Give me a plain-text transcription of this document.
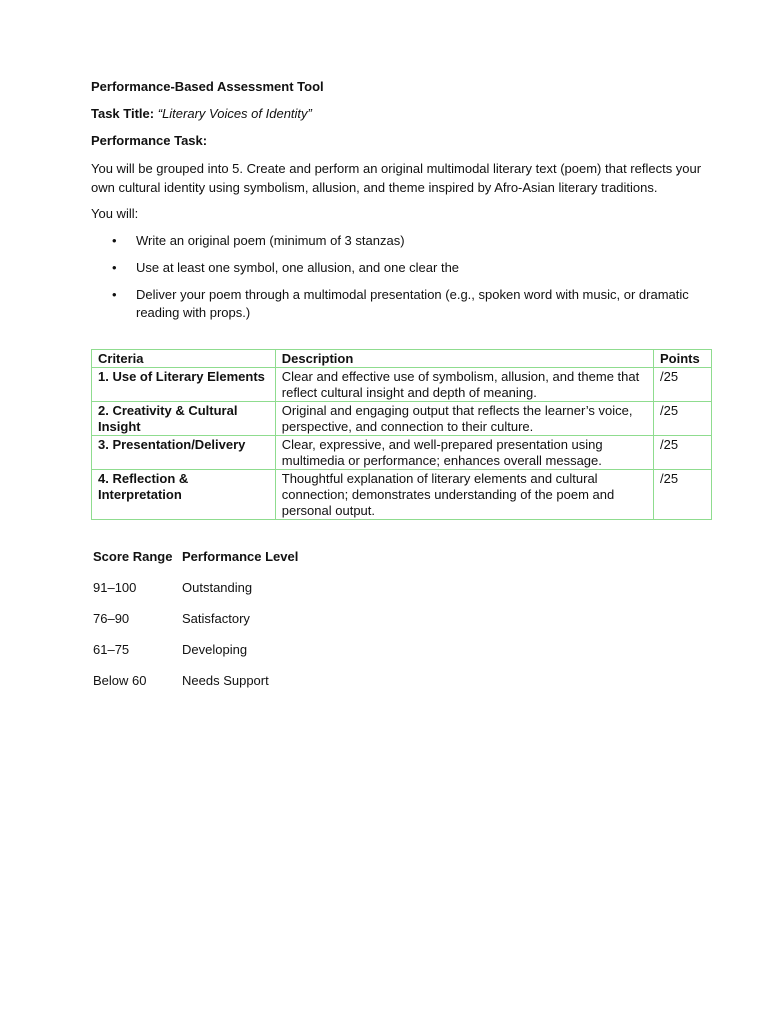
Performance-Based Assessment Tool

Task Title: “Literary Voices of Identity”

Performance Task:

You will be grouped into 5. Create and perform an original multimodal literary text (poem) that reflects your own cultural identity using symbolism, allusion, and theme inspired by Afro-Asian literary traditions.

You will:

• Write an original poem (minimum of 3 stanzas)
• Use at least one symbol, one allusion, and one clear the
• Deliver your poem through a multimodal presentation (e.g., spoken word with music, or dramatic reading with props.)
Criteria	Description	Points
1. Use of Literary Elements	Clear and effective use of symbolism, allusion, and theme that reflect cultural insight and depth of meaning.	/25
2. Creativity & Cultural Insight	Original and engaging output that reflects the learner’s voice, perspective, and connection to their culture.	/25
3. Presentation/Delivery	Clear, expressive, and well-prepared presentation using multimedia or performance; enhances overall message.	/25
4. Reflection & Interpretation	Thoughtful explanation of literary elements and cultural connection; demonstrates understanding of the poem and personal output.	/25
Score Range	Performance Level
91–100	Outstanding
76–90	Satisfactory
61–75	Developing
Below 60	Needs Support
